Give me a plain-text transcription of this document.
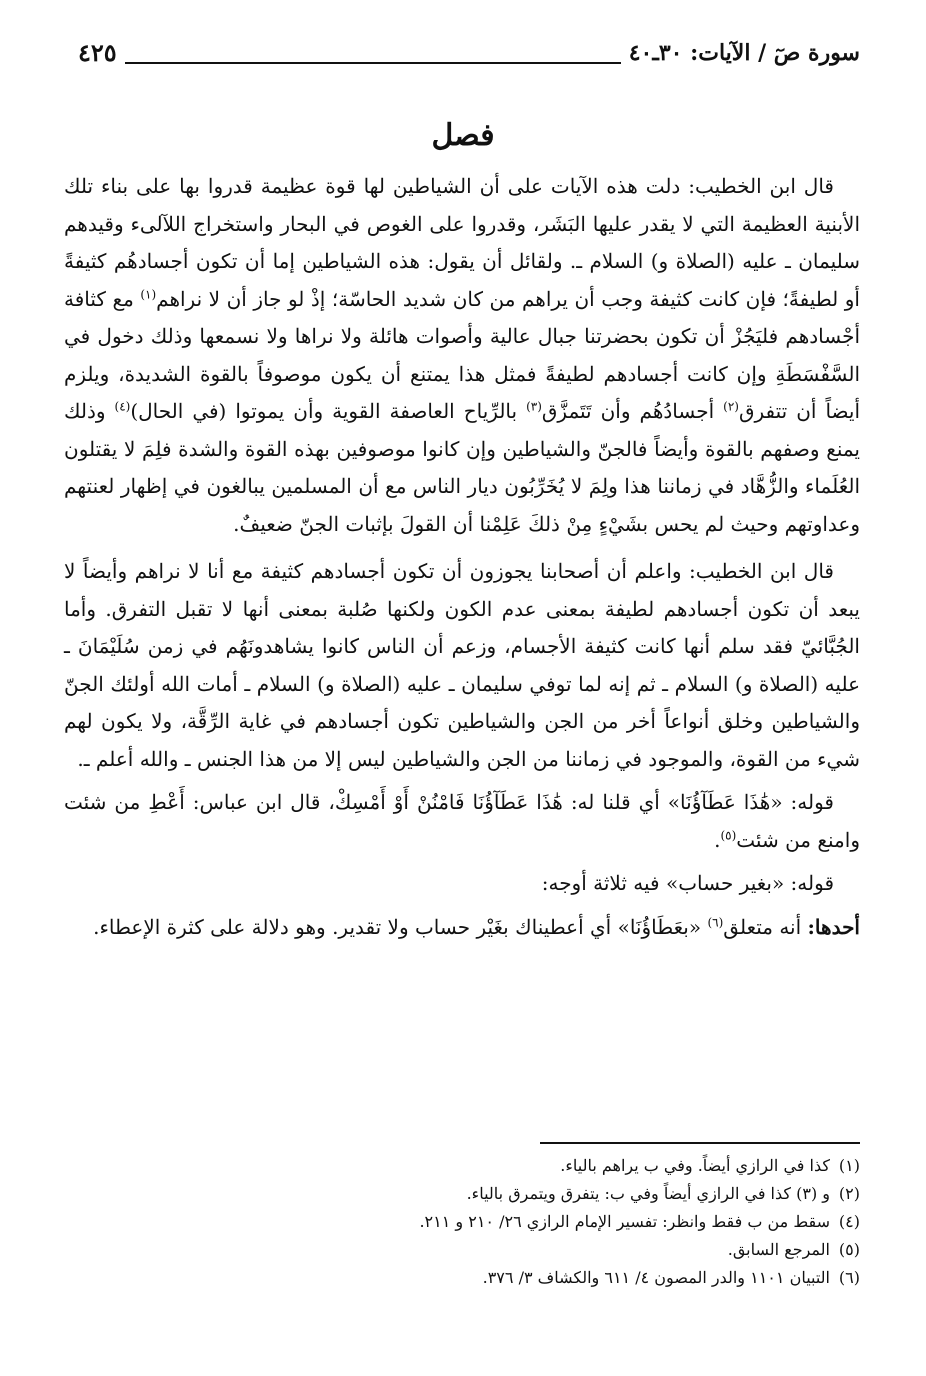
سورة صٓ / الآيات: ٣٠ـ٤٠
٤٢٥
فصل

قال ابن الخطيب: دلت هذه الآيات على أن الشياطين لها قوة عظيمة قدروا بها على بناء تلك الأبنية العظيمة التي لا يقدر عليها البَشَر، وقدروا على الغوص في البحار واستخراج اللآلىء وقيدهم سليمان ـ عليه (الصلاة و) السلام ـ. ولقائل أن يقول: هذه الشياطين إما أن تكون أجسادهُم كثيفةً أو لطيفةً؛ فإن كانت كثيفة وجب أن يراهم من كان شديد الحاسّة؛ إذْ لو جاز أن لا نراهم$^{(١)}$ مع كثافة أجْسادهم فليَجُزْ أن تكون بحضرتنا جبال عالية وأصوات هائلة ولا نراها ولا نسمعها وذلك دخول في السَّفْسَطَةِ وإن كانت أجسادهم لطيفةً فمثل هذا يمتنع أن يكون موصوفاً بالقوة الشديدة، ويلزم أيضاً أن تتفرق$^{(٢)}$ أجسادُهُم وأن تَتَمزَّق$^{(٣)}$ بالرِّياح العاصفة القوية وأن يموتوا (في الحال)$^{(٤)}$ وذلك يمنع وصفهم بالقوة وأيضاً فالجنّ والشياطين وإن كانوا موصوفين بهذه القوة والشدة فلِمَ لا يقتلون العُلَماء والزُّهَّاد في زماننا هذا ولِمَ لا يُخَرِّبُون ديار الناس مع أن المسلمين يبالغون في إظهار لعنتهم وعداوتهم وحيث لم يحس بشَيْءٍ مِنْ ذلكَ عَلِمْنا أن القولَ بإثبات الجنّ ضعيفٌ.

قال ابن الخطيب: واعلم أن أصحابنا يجوزون أن تكون أجسادهم كثيفة مع أنا لا نراهم وأيضاً لا يبعد أن تكون أجسادهم لطيفة بمعنى عدم الكون ولكنها صُلبة بمعنى أنها لا تقبل التفرق. وأما الجُبَّائيّ فقد سلم أنها كانت كثيفة الأجسام، وزعم أن الناس كانوا يشاهدونَهُم في زمن سُلَيْمَانَ ـ عليه (الصلاة و) السلام ـ ثم إنه لما توفي سليمان ـ عليه (الصلاة و) السلام ـ أمات الله أولئك الجنّ والشياطين وخلق أنواعاً أخر من الجن والشياطين تكون أجسادهم في غاية الرِّقَّة، ولا يكون لهم شيء من القوة، والموجود في زماننا من الجن والشياطين ليس إلا من هذا الجنس ـ والله أعلم ـ.

قوله: «هَٰذَا عَطَآؤُنَا» أي قلنا له: هَٰذَا عَطَآؤُنَا فَامْنُنْ أَوْ أَمْسِكْ، قال ابن عباس: أَعْطِ من شئت وامنع من شئت$^{(٥)}$.

قوله: «بغير حساب» فيه ثلاثة أوجه:

أحدها: أنه متعلق$^{(٦)}$ «بعَطَاؤُنَا» أي أعطيناك بغَيْر حساب ولا تقدير. وهو دلالة على كثرة الإعطاء.

(١)
كذا في الرازي أيضاً. وفي ب يراهم بالياء.
(٢)
و (٣) كذا في الرازي أيضاً وفي ب: يتفرق ويتمرق بالياء.
(٤)
سقط من ب فقط وانظر: تفسير الإمام الرازي ٢٦/ ٢١٠ و ٢١١.
(٥)
المرجع السابق.
(٦)
التبيان ١١٠١ والدر المصون ٤/ ٦١١ والكشاف ٣/ ٣٧٦.
